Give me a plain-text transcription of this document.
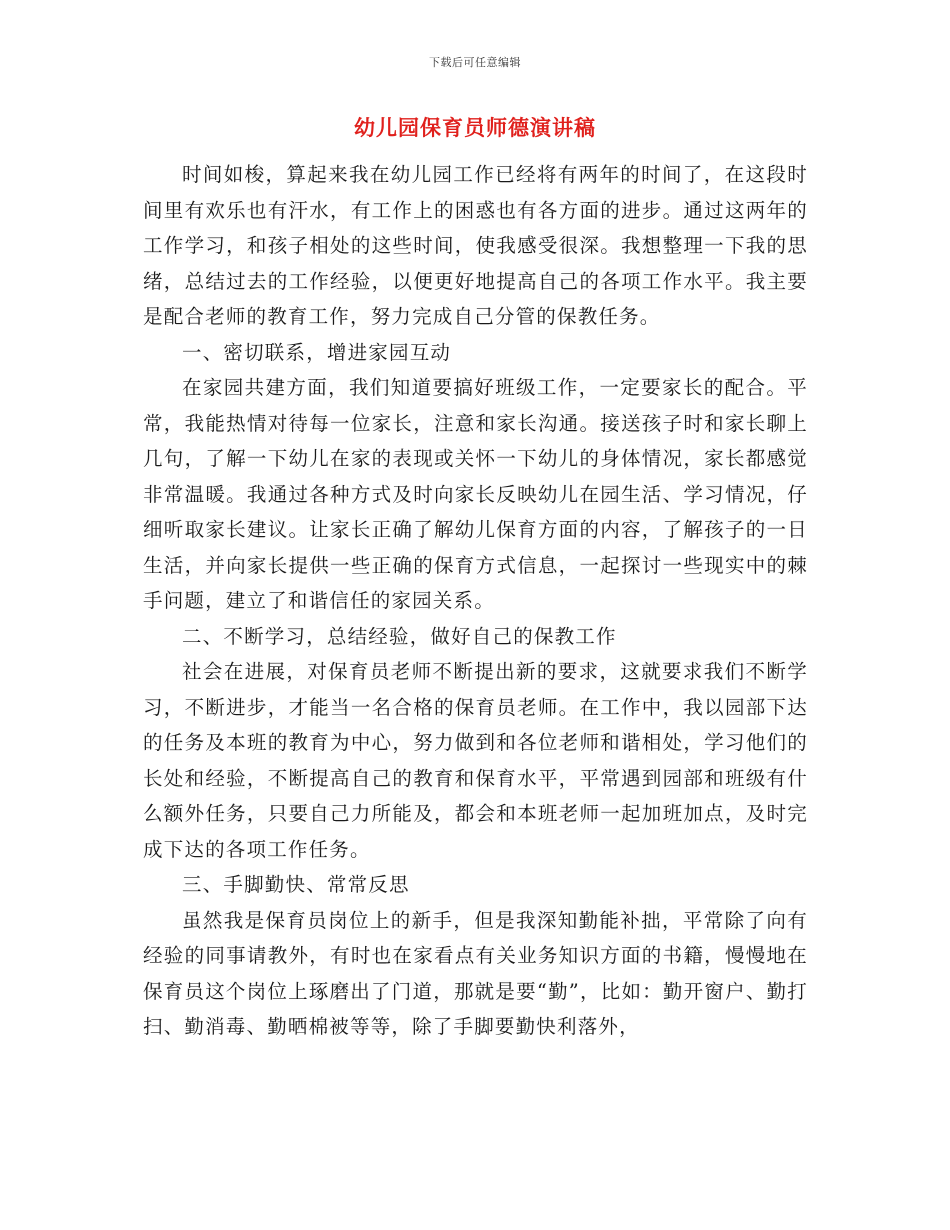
下载后可任意编辑
幼儿园保育员师德演讲稿

时间如梭，算起来我在幼儿园工作已经将有两年的时间了，在这段时间里有欢乐也有汗水，有工作上的困惑也有各方面的进步。通过这两年的工作学习，和孩子相处的这些时间，使我感受很深。我想整理一下我的思绪，总结过去的工作经验，以便更好地提高自己的各项工作水平。我主要是配合老师的教育工作，努力完成自己分管的保教任务。

一、密切联系，增进家园互动

在家园共建方面，我们知道要搞好班级工作，一定要家长的配合。平常，我能热情对待每一位家长，注意和家长沟通。接送孩子时和家长聊上几句，了解一下幼儿在家的表现或关怀一下幼儿的身体情况，家长都感觉非常温暖。我通过各种方式及时向家长反映幼儿在园生活、学习情况，仔细听取家长建议。让家长正确了解幼儿保育方面的内容，了解孩子的一日生活，并向家长提供一些正确的保育方式信息，一起探讨一些现实中的棘手问题，建立了和谐信任的家园关系。

二、不断学习，总结经验，做好自己的保教工作

社会在进展，对保育员老师不断提出新的要求，这就要求我们不断学习，不断进步，才能当一名合格的保育员老师。在工作中，我以园部下达的任务及本班的教育为中心，努力做到和各位老师和谐相处，学习他们的长处和经验，不断提高自己的教育和保育水平，平常遇到园部和班级有什么额外任务，只要自己力所能及，都会和本班老师一起加班加点，及时完成下达的各项工作任务。

三、手脚勤快、常常反思

虽然我是保育员岗位上的新手，但是我深知勤能补拙，平常除了向有经验的同事请教外，有时也在家看点有关业务知识方面的书籍，慢慢地在保育员这个岗位上琢磨出了门道，那就是要“勤”，比如：勤开窗户、勤打扫、勤消毒、勤晒棉被等等，除了手脚要勤快利落外，
